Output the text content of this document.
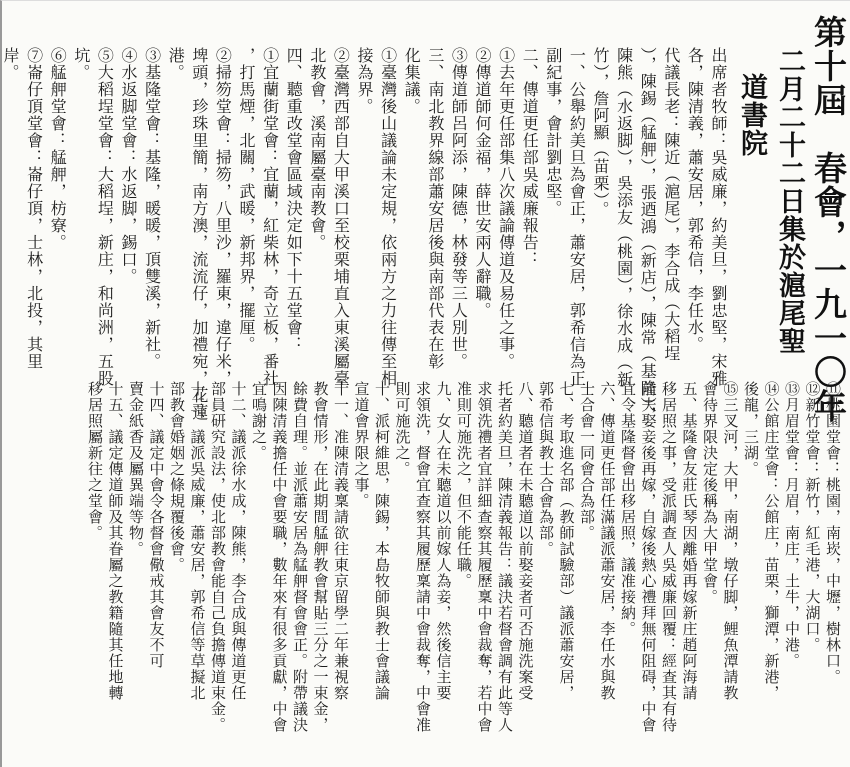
第十屆　春會，一九一〇年
二月二十二日集於滬尾聖
道書院
出席者牧師：吳威廉，約美旦，劉忠堅，宋雅
各，陳清義，蕭安居，郭希信，李任水。
代議長老：陳近（滬尾），李合成（大稻埕
），陳錫（艋舺），張迺鴻（新店），陳常（基隆），
陳熊（水返脚），吳添友（桃園），徐水成（新
竹），詹阿顯（苗栗）。
一、公舉約美旦為會正，蕭安居，郭希信為正
副紀事，會計劉忠堅。
二、傳道更任部吳威廉報告：
①去年更任部集八次議論傳道及易任之事。
②傳道師何金福，薛世安兩人辭職。
③傳道師呂阿添，陳德，林發等三人別世。
三、南北教界線部蕭安居後與南部代表在彰
化集議。
①臺灣後山議論未定規，依兩方之力往傳至相
接為界。
②臺灣西部自大甲溪口至校栗埔直入東溪屬臺
北教會，溪南屬臺南教會。
四、聽重改堂會區域決定如下十五堂會：
①宜蘭街堂會：宜蘭，紅柴林，奇立板，番社
，打馬煙，北關，武暖，新邦界，擺厘。
②掃笏堂會：掃笏，八里沙，羅東，違仔米，
埤頭，珍珠里簡，南方澳，流流仔，加禮宛，花蓮
港。
③基隆堂會：基隆，暖暖，頂雙溪，新社。
④水返脚堂會：水返脚，錫口。
⑤大稻埕堂會：大稻埕，新庄，和尚洲，五股
坑。
⑥艋舺堂會：艋舺，枋寮。
⑦崙仔頂堂會：崙仔頂，士林，北投，其里
岸。
⑪桃園堂會：桃園，南崁，中壢，樹林口。
⑫新竹堂會：新竹，紅毛港，大湖口。
⑬月眉堂會：月眉，南庄，土牛，中港。
⑭公館庄堂會：公館庄，苗栗，獅潭，新港，
後龍，三湖。
⑮三叉河，大甲，南湖，墩仔脚，鯉魚潭請教
會待界限決定後稱為大甲堂會。
五、基隆會友莊氏琴因離婚再嫁新庄趙阿海請
移居照之事，受派調查人吳威廉回覆：經查其有待
前夫娶妾後再嫁，自嫁後熱心禮拜無何阻碍，中會
宜令基隆督會出移居照，議准接納。
六、傳道更任部任滿議派蕭安居，李任水與教
士合會一同會合為部。
七、考取進名部（教師試驗部）議派蕭安居，
郭希信與教士合會為部。
八、聽道者在未聽道以前娶妾者可否施洗案受
托者約美旦，陳清義報告：議決若督會調有此等人
求領洗禮者宜詳細查察其履歷稟中會裁奪，若中會
准則可施洗之，但不能任職。
九、女人在未聽道以前嫁人為妾，然後信主要
求領洗，督會宜查察其履歷稟請中會裁奪，中會准
則可施洗之。
十、派柯維思，陳錫，本島牧師與教士會議論
宣道會界限之事。
十一、准陳清義稟請欲往東京留學二年兼視察
教會情形，在此期間艋舺教會幫貼三分之一束金，
餘費自理。並派蕭安居為艋舺督會會正。附帶議決
因陳清義擔任中會要職，數年來有很多貢獻，中會
宜鳴謝之。
十二、議派徐水成，陳熊，李合成與傳道更任
部員研究設法，使北部教會能自己負擔傳道束金。
十三、議派吳威廉，蕭安居，郭希信等草擬北
部教會婚姻之條規覆後會。
十四、議定中會令各督會儆戒其會友不可
賣金紙香及屬異端等物。
十五、議定傳道師及其眷屬之教籍隨其任地轉
移居照屬新往之堂會。
